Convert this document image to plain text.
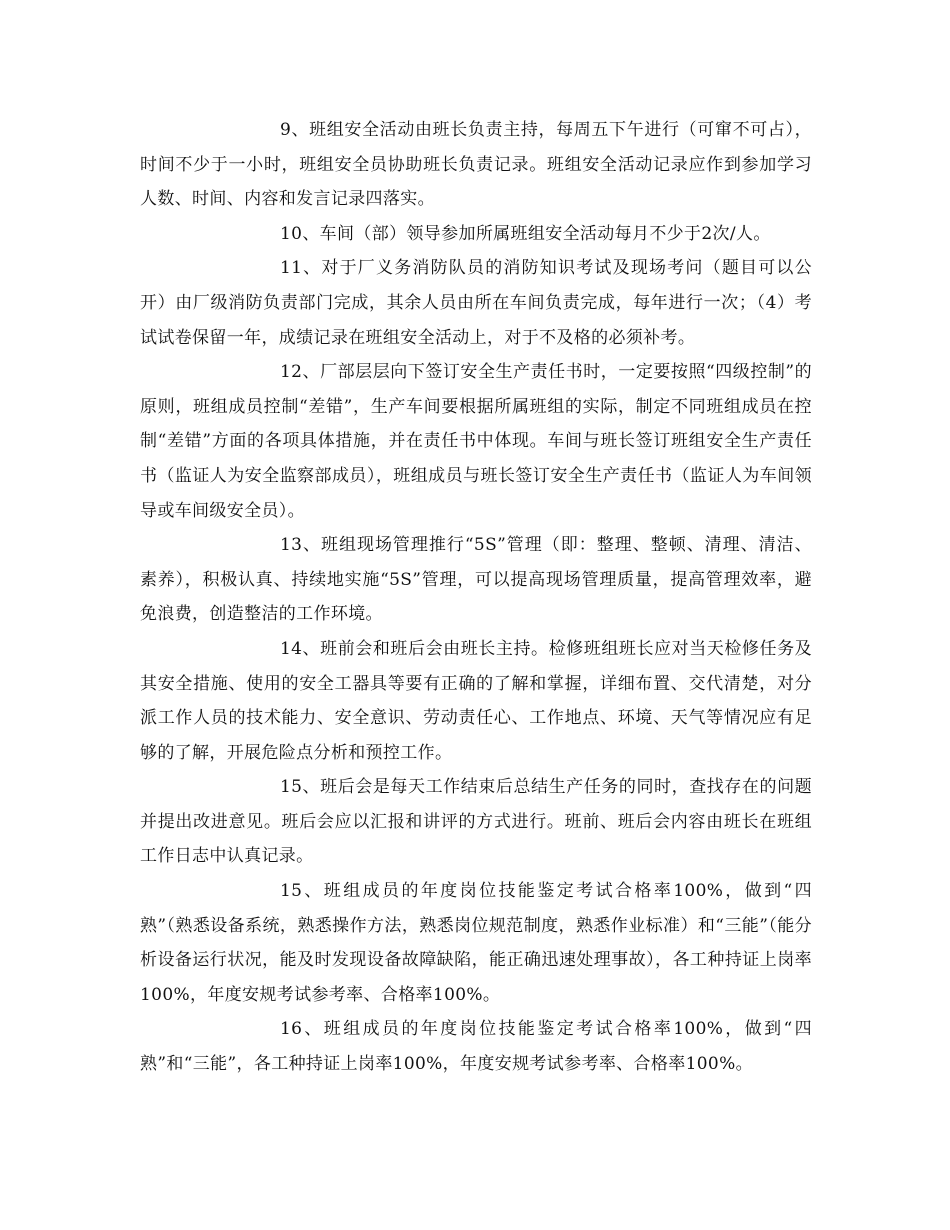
9、班组安全活动由班长负责主持，每周五下午进行（可窜不可占），时间不少于一小时，班组安全员协助班长负责记录。班组安全活动记录应作到参加学习人数、时间、内容和发言记录四落实。

10、车间（部）领导参加所属班组安全活动每月不少于2次/人。

11、对于厂义务消防队员的消防知识考试及现场考问（题目可以公开）由厂级消防负责部门完成，其余人员由所在车间负责完成，每年进行一次；（4）考试试卷保留一年，成绩记录在班组安全活动上，对于不及格的必须补考。

12、厂部层层向下签订安全生产责任书时，一定要按照“四级控制”的原则，班组成员控制“差错”，生产车间要根据所属班组的实际，制定不同班组成员在控制“差错”方面的各项具体措施，并在责任书中体现。车间与班长签订班组安全生产责任书（监证人为安全监察部成员），班组成员与班长签订安全生产责任书（监证人为车间领导或车间级安全员）。

13、班组现场管理推行“5S”管理（即：整理、整顿、清理、清洁、素养），积极认真、持续地实施“5S”管理，可以提高现场管理质量，提高管理效率，避免浪费，创造整洁的工作环境。

14、班前会和班后会由班长主持。检修班组班长应对当天检修任务及其安全措施、使用的安全工器具等要有正确的了解和掌握，详细布置、交代清楚，对分派工作人员的技术能力、安全意识、劳动责任心、工作地点、环境、天气等情况应有足够的了解，开展危险点分析和预控工作。

15、班后会是每天工作结束后总结生产任务的同时，查找存在的问题并提出改进意见。班后会应以汇报和讲评的方式进行。班前、班后会内容由班长在班组工作日志中认真记录。

15、班组成员的年度岗位技能鉴定考试合格率100%，做到“四熟”（熟悉设备系统，熟悉操作方法，熟悉岗位规范制度，熟悉作业标准）和“三能”（能分析设备运行状况，能及时发现设备故障缺陷，能正确迅速处理事故），各工种持证上岗率100%，年度安规考试参考率、合格率100%。

16、班组成员的年度岗位技能鉴定考试合格率100%，做到“四熟”和“三能”，各工种持证上岗率100%，年度安规考试参考率、合格率100%。
